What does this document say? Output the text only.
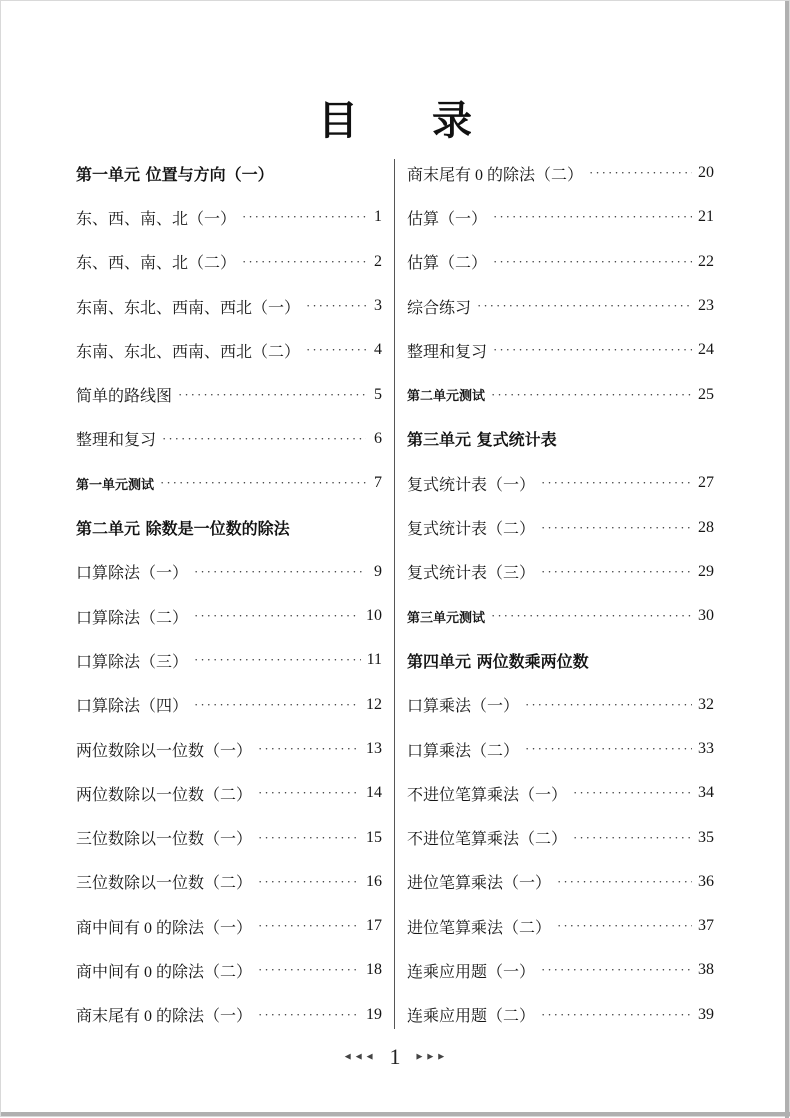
目 录
第一单元 位置与方向（一）
东、西、南、北（一） ·····	1
东、西、南、北（二） ·····	2
东南、东北、西南、西北（一） ·····	3
东南、东北、西南、西北（二） ·····	4
简单的路线图 ·····	5
整理和复习 ·····	6
第一单元测试 ·····	7
第二单元 除数是一位数的除法
口算除法（一） ·····	9
口算除法（二） ·····	10
口算除法（三） ·····	11
口算除法（四） ·····	12
两位数除以一位数（一） ·····	13
两位数除以一位数（二） ·····	14
三位数除以一位数（一） ·····	15
三位数除以一位数（二） ·····	16
商中间有 0 的除法（一） ·····	17
商中间有 0 的除法（二） ·····	18
商末尾有 0 的除法（一） ·····	19
商末尾有 0 的除法（二） ·····	20
估算（一） ·····	21
估算（二） ·····	22
综合练习 ·····	23
整理和复习 ·····	24
第二单元测试 ·····	25
第三单元 复式统计表
复式统计表（一） ·····	27
复式统计表（二） ·····	28
复式统计表（三） ·····	29
第三单元测试 ·····	30
第四单元 两位数乘两位数
口算乘法（一） ·····	32
口算乘法（二） ·····	33
不进位笔算乘法（一） ·····	34
不进位笔算乘法（二） ·····	35
进位笔算乘法（一） ·····	36
进位笔算乘法（二） ·····	37
连乘应用题（一） ·····	38
连乘应用题（二） ·····	39
◄◄◄ 1 ►►►
